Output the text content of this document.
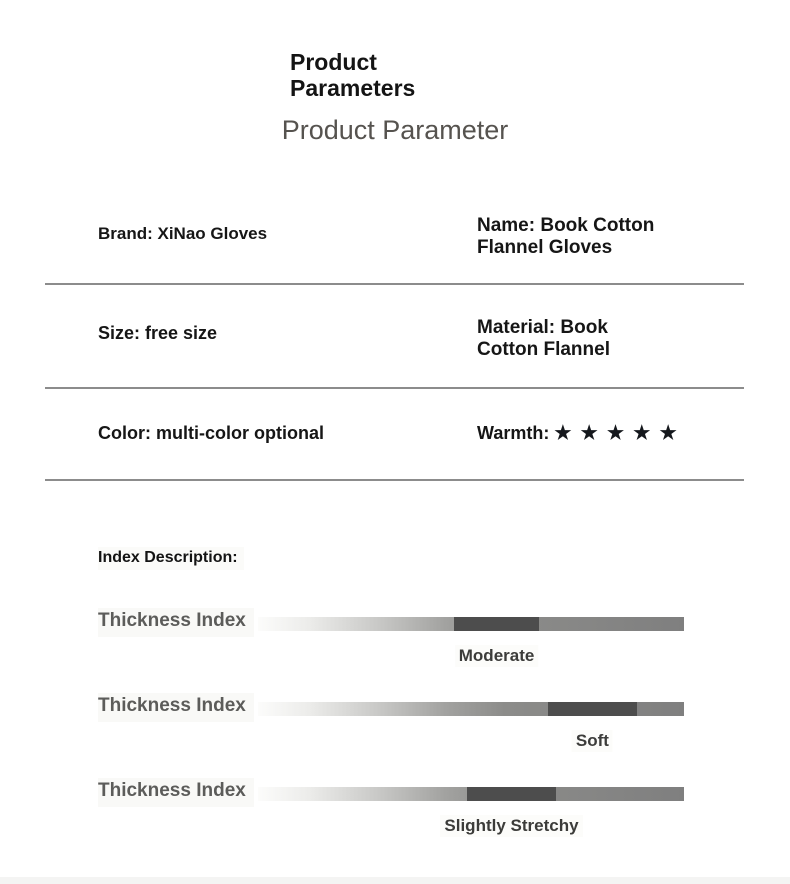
Product Parameters
Product Parameter
Brand: XiNao Gloves	Name: Book Cotton Flannel Gloves
Size: free size	Material: Book Cotton Flannel
Color: multi-color optional	Warmth: ★ ★ ★ ★ ★
Index Description:
Thickness Index
Moderate
Thickness Index
Soft
Thickness Index
Slightly Stretchy
